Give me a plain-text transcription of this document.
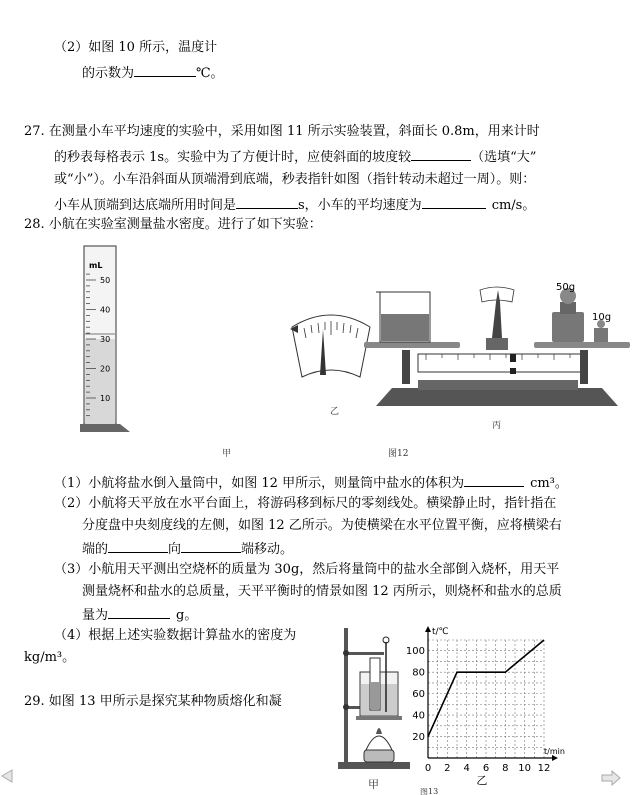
（2）如图 10 所示，温度计
的示数为	℃。
27. 在测量小车平均速度的实验中，采用如图 11 所示实验装置，斜面长 0.8m，用来计时
的秒表每格表示 1s。实验中为了方便计时，应使斜面的坡度较	（选填“大”
或“小”）。小车沿斜面从顶端滑到底端，秒表指针如图（指针转动未超过一周）。则：
小车从顶端到达底端所用时间是	s，小车的平均速度为	cm/s。
28. 小航在实验室测量盐水密度。进行了如下实验：
50
40
30
20
10
mL
乙
50g
10g
丙
甲	图12
（1）小航将盐水倒入量筒中，如图 12 甲所示，则量筒中盐水的体积为	cm³。
（2）小航将天平放在水平台面上，将游码移到标尺的零刻线处。横梁静止时，指针指在
分度盘中央刻度线的左侧，如图 12 乙所示。为使横梁在水平位置平衡，应将横梁右
端的	向	端移动。
（3）小航用天平测出空烧杯的质量为 30g，然后将量筒中的盐水全部倒入烧杯，用天平
测量烧杯和盐水的总质量，天平平衡时的情景如图 12 丙所示，则烧杯和盐水的总质
量为	g。
（4）根据上述实验数据计算盐水的密度为
kg/m³。
29. 如图 13 甲所示是探究某种物质熔化和凝
甲
0 2 4 6 8 10 12
20
40
60
80
100
t/℃
t/min
乙
图13
